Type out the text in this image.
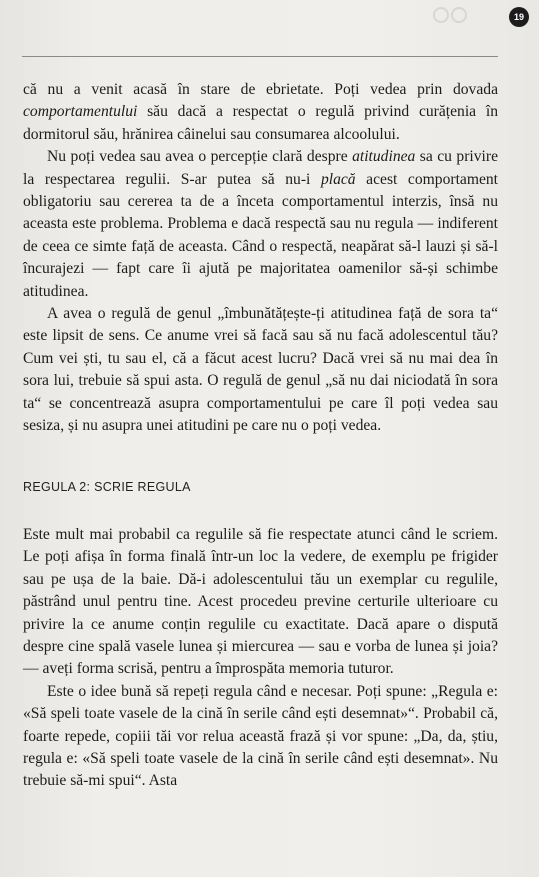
19

că nu a venit acasă în stare de ebrietate. Poți vedea prin dovada comportamentului său dacă a respectat o regulă privind curățenia în dormitorul său, hrănirea câinelui sau consumarea alcoolului.

Nu poți vedea sau avea o percepție clară despre atitudinea sa cu privire la respectarea regulii. S-ar putea să nu-i placă acest comportament obligatoriu sau cererea ta de a înceta comportamentul interzis, însă nu aceasta este problema. Problema e dacă respectă sau nu regula — indiferent de ceea ce simte față de aceasta. Când o respectă, neapărat să-l lauzi și să-l încurajezi — fapt care îi ajută pe majoritatea oamenilor să-și schimbe atitudinea.

A avea o regulă de genul „îmbunătățește-ți atitudinea față de sora ta“ este lipsit de sens. Ce anume vrei să facă sau să nu facă adolescentul tău? Cum vei ști, tu sau el, că a făcut acest lucru? Dacă vrei să nu mai dea în sora lui, trebuie să spui asta. O regulă de genul „să nu dai niciodată în sora ta“ se concentrează asupra comportamentului pe care îl poți vedea sau sesiza, și nu asupra unei atitudini pe care nu o poți vedea.

REGULA 2: SCRIE REGULA

Este mult mai probabil ca regulile să fie respectate atunci când le scriem. Le poți afișa în forma finală într-un loc la vedere, de exemplu pe frigider sau pe ușa de la baie. Dă-i adolescentului tău un exemplar cu regulile, păstrând unul pentru tine. Acest procedeu previne certurile ulterioare cu privire la ce anume conțin regulile cu exactitate. Dacă apare o dispută despre cine spală vasele lunea și miercurea — sau e vorba de lunea și joia? — aveți forma scrisă, pentru a împrospăta memoria tuturor.

Este o idee bună să repeți regula când e necesar. Poți spune: „Regula e: «Să speli toate vasele de la cină în serile când ești desemnat»“. Probabil că, foarte repede, copiii tăi vor relua această frază și vor spune: „Da, da, știu, regula e: «Să speli toate vasele de la cină în serile când ești desemnat». Nu trebuie să-mi spui“. Asta
